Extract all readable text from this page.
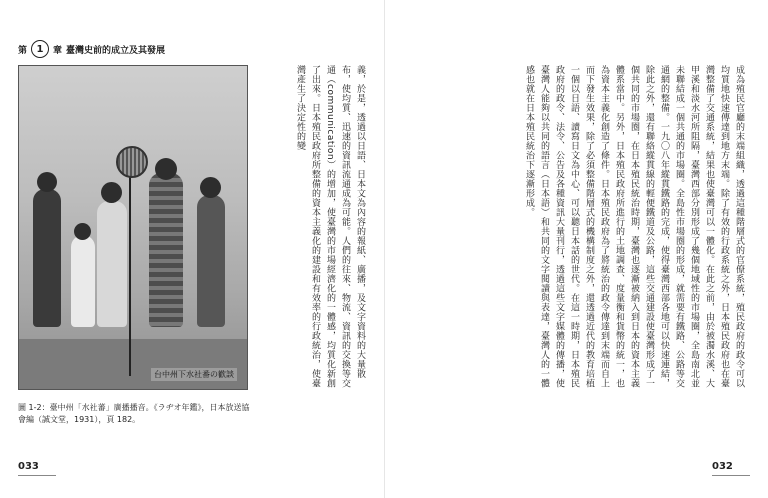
第 1 章 臺灣史前的成立及其發展
台中州下水社番の歡談
圖 1-2：臺中州「水社蕃」廣播播音。《ラヂオ年鑑》，日本放送協會編（誠文堂，1931），頁 182。
義，於是，透過以日語、日本文為內容的報紙、廣播，及文字資料的大量散布，使均質、迅速的資訊流通成為可能。人們的往來、物流、資訊的交換等交通（communication）的增加，使臺灣的市場經濟化的一體感，均質化新創了出來。日本殖民政府所整備的資本主義化的建設和有效率的行政統治，使臺灣產生了決定性的變
033
成為殖民官廳的末端組織，透過這種階層式的官僚系統，殖民政府的政令可以均質地快速傳達到地方末端。除了有效的行政系統之外，日本殖民政府也在臺灣整備了交通系統，結果也使臺灣可以一體化。在此之前，由於被濁水溪、大甲溪和淡水河所阻隔，臺灣西部分別形成了幾個地域性的市場圈，全島南北並未聯結成一個共通的市場圈。全島性市場圈的形成，就需要有鐵路、公路等交通網的整備。一九〇八年縱貫鐵路的完成，使得臺灣西部各地可以快速連結，除此之外，還有聯絡縱貫線的輕便鐵道及公路，這些交通建設使臺灣形成了一個共同的市場圈，在日本殖民統治時期，臺灣也逐漸被納入到日本的資本主義體系當中。另外，日本殖民政府所進行的土地調查、度量衡和貨幣的統一，也為資本主義化創造了條件。日本殖民政府為了將統治的政令傳達到末端而自上而下發生效果，除了必須整備階層式的機構制度之外，還透過近代的教育培植一個以日語、讀寫日文為中心、可以聽日本話的世代。在這一時期，日本殖民政府的政令、法令、公告及各種資訊大量刊行，透過這些文字媒體的傳播，使臺灣人能夠以共同的語言（日本語）和共同的文字閱讀與表達，臺灣人的一體感也就在日本殖民統治下逐漸形成。
032
